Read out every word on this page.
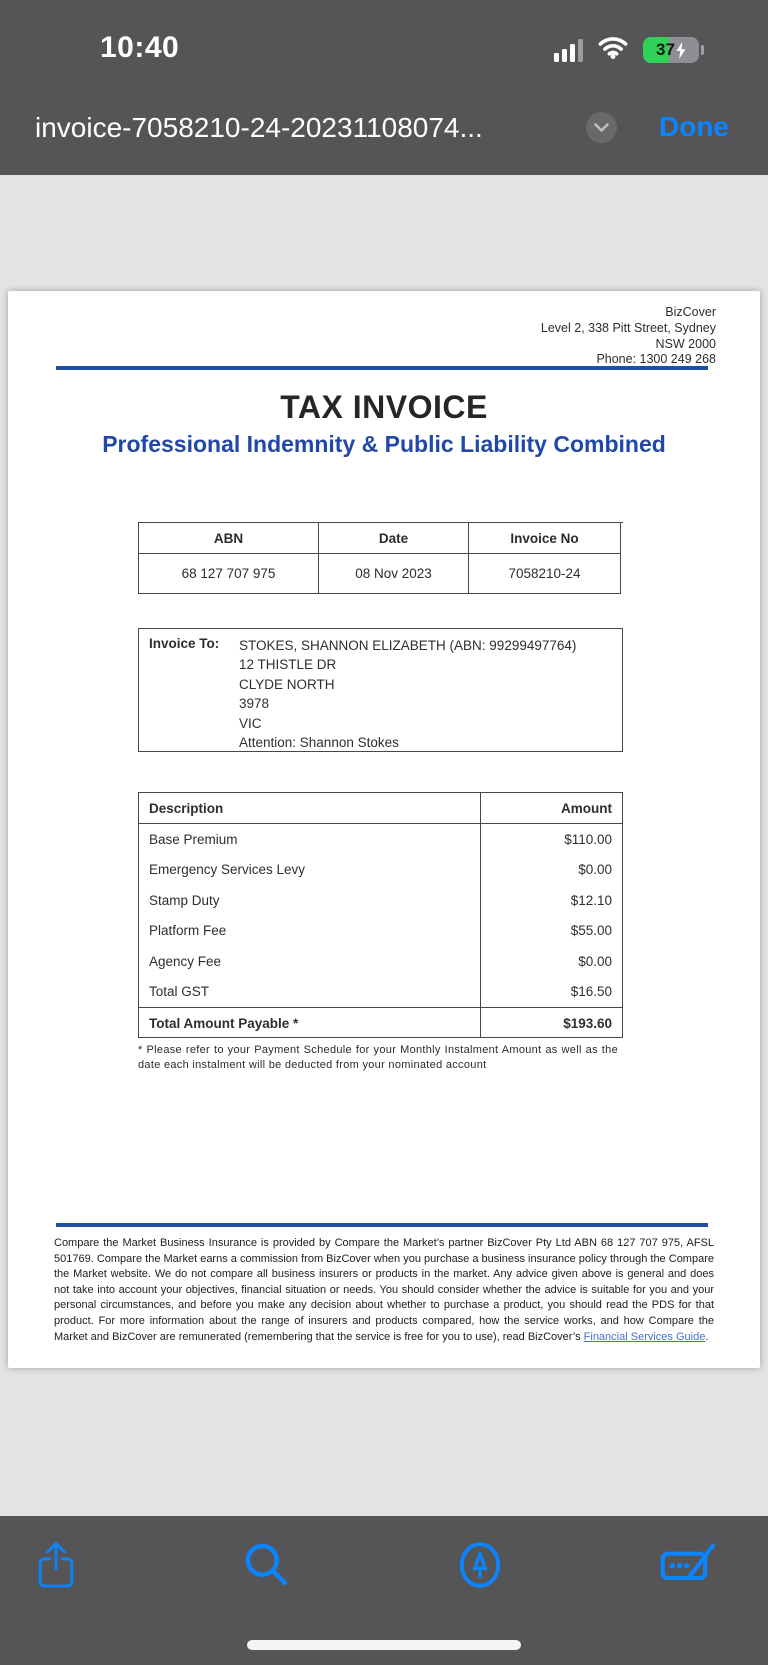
10:40	37
invoice-7058210-24-20231108074...	Done
BizCover
Level 2, 338 Pitt Street, Sydney
NSW 2000
Phone: 1300 249 268
TAX INVOICE
Professional Indemnity & Public Liability Combined
ABN	Date	Invoice No
68 127 707 975	08 Nov 2023	7058210-24
Invoice To: STOKES, SHANNON ELIZABETH (ABN: 99299497764)
12 THISTLE DR
CLYDE NORTH
3978
VIC
Attention: Shannon Stokes
Description	Amount
Base Premium	$110.00
Emergency Services Levy	$0.00
Stamp Duty	$12.10
Platform Fee	$55.00
Agency Fee	$0.00
Total GST	$16.50
Total Amount Payable *	$193.60
* Please refer to your Payment Schedule for your Monthly Instalment Amount as well as the date each instalment will be deducted from your nominated account
Compare the Market Business Insurance is provided by Compare the Market’s partner BizCover Pty Ltd ABN 68 127 707 975, AFSL 501769. Compare the Market earns a commission from BizCover when you purchase a business insurance policy through the Compare the Market website. We do not compare all business insurers or products in the market. Any advice given above is general and does not take into account your objectives, financial situation or needs. You should consider whether the advice is suitable for you and your personal circumstances, and before you make any decision about whether to purchase a product, you should read the PDS for that product. For more information about the range of insurers and products compared, how the service works, and how Compare the Market and BizCover are remunerated (remembering that the service is free for you to use), read BizCover’s Financial Services Guide.
